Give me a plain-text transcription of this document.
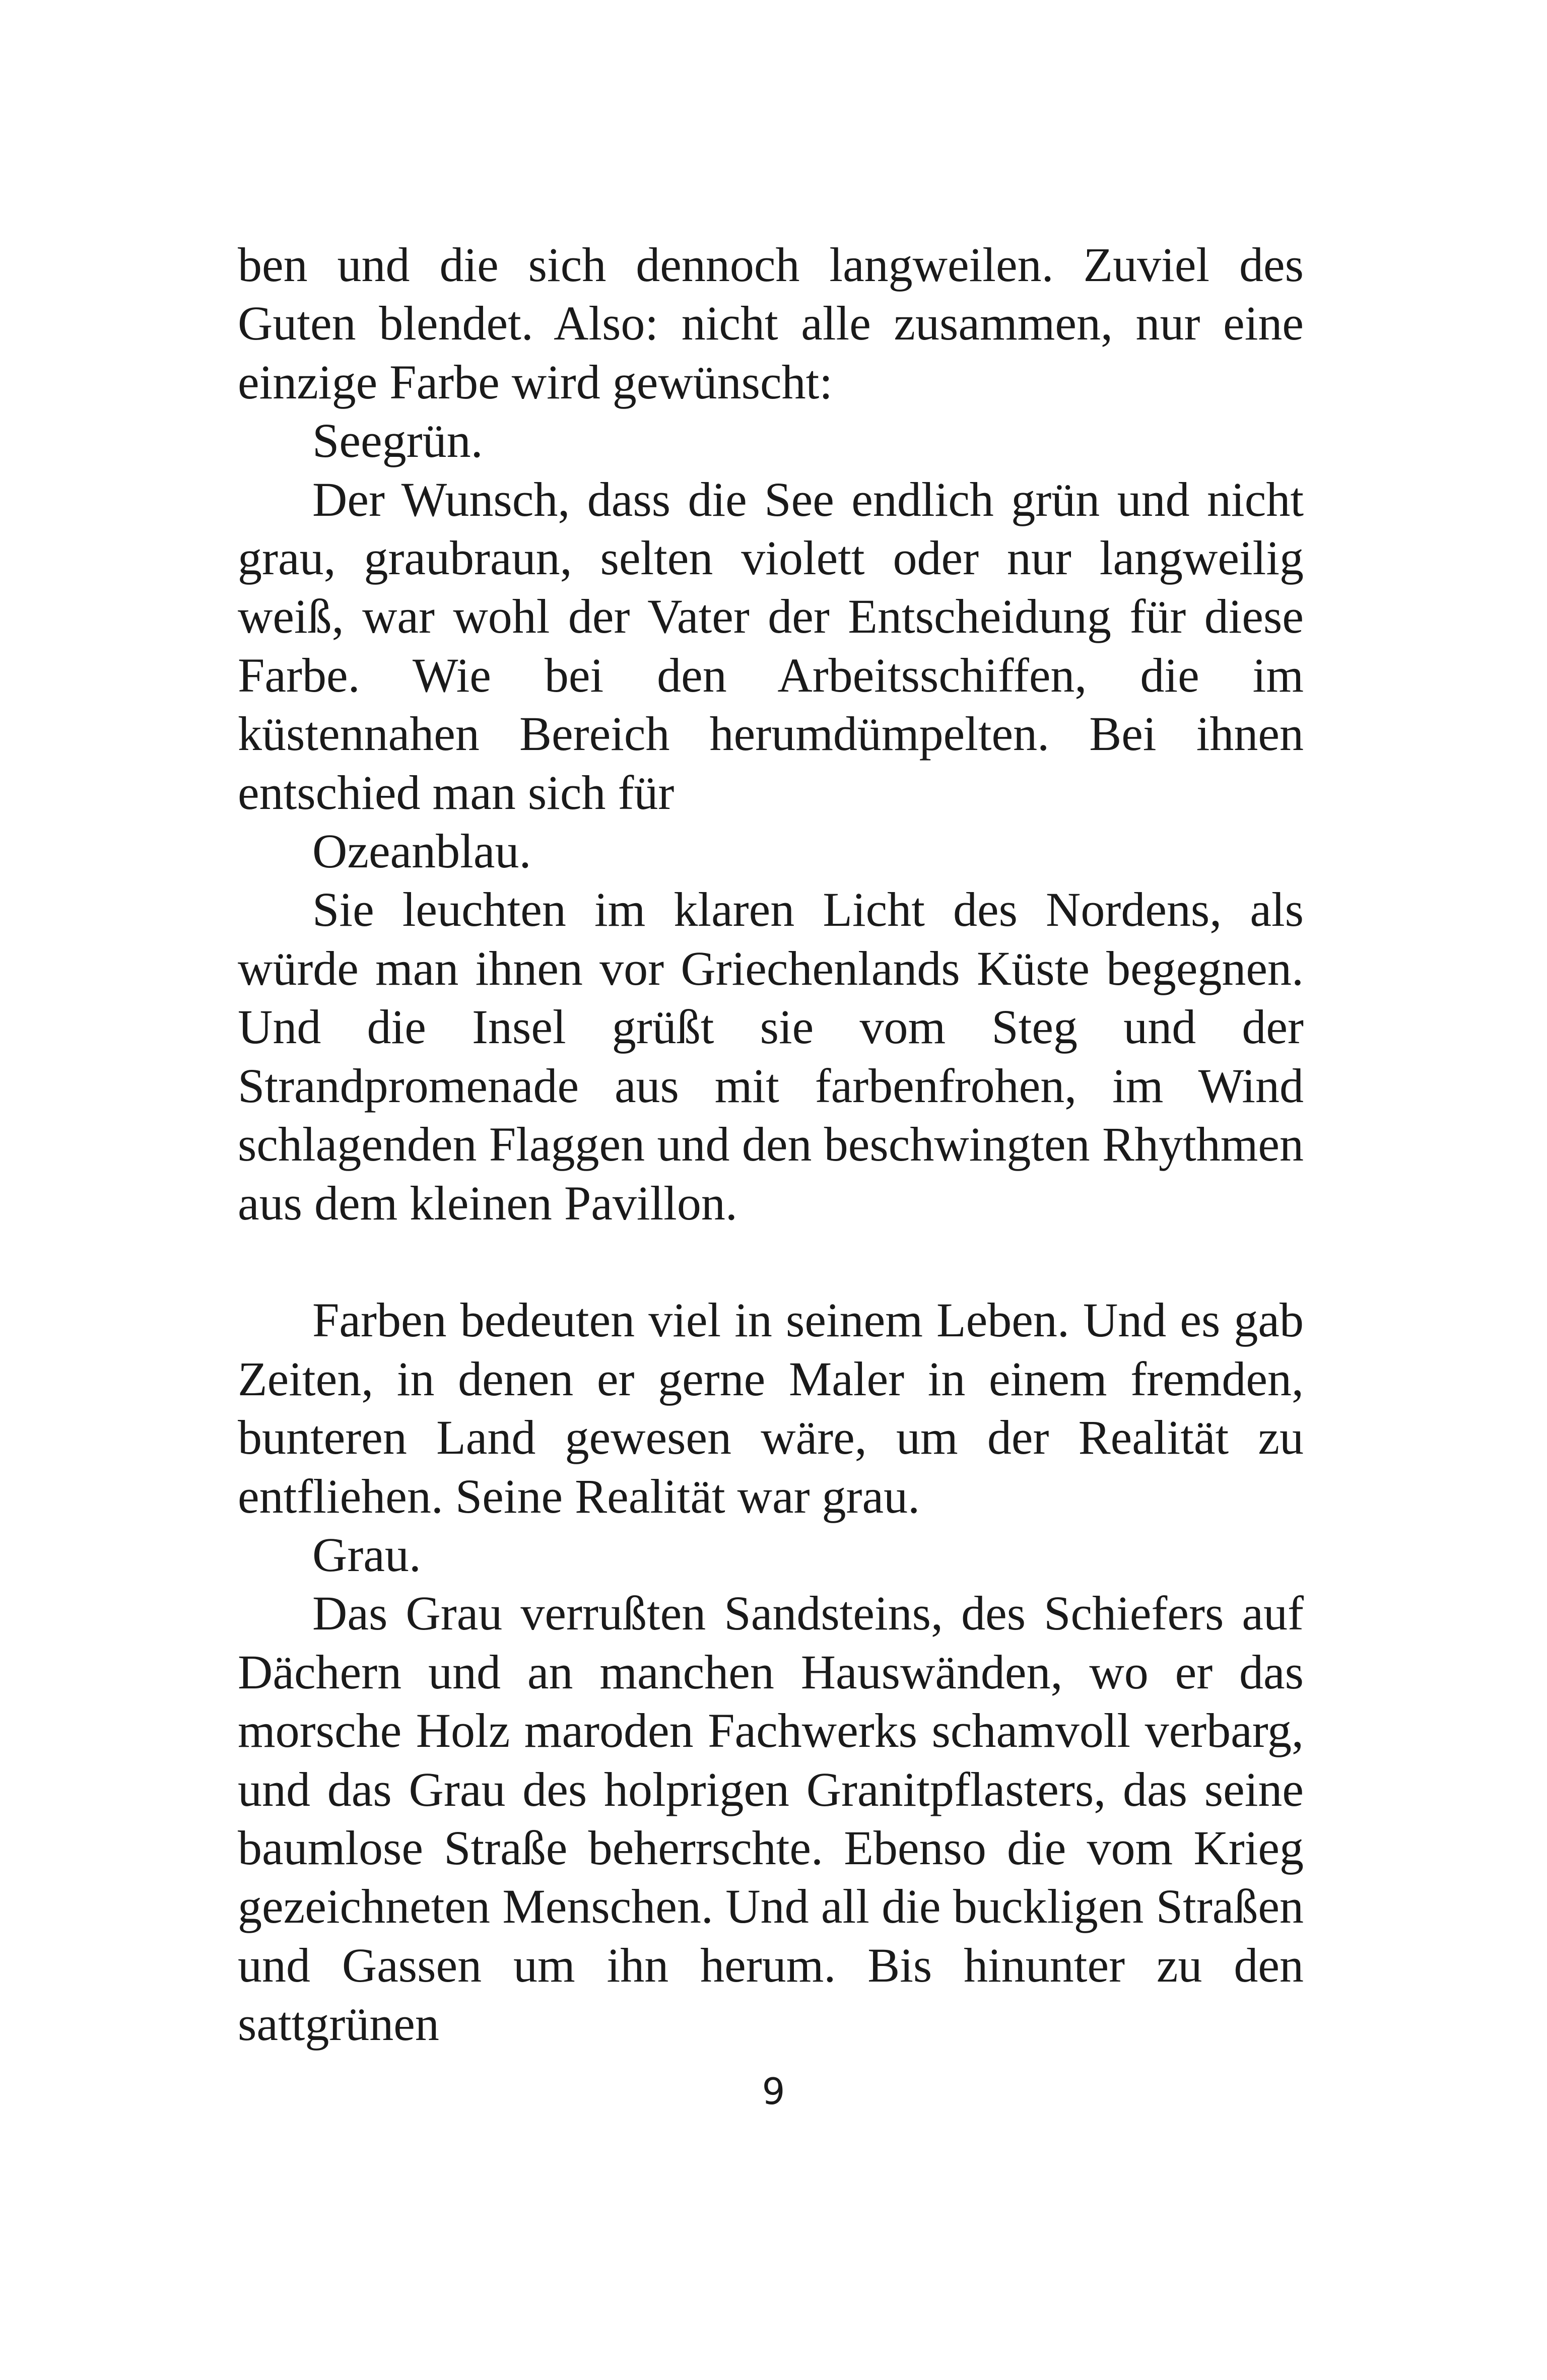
ben und die sich dennoch langweilen. Zuviel des Guten blendet. Also: nicht alle zusammen, nur eine einzige Farbe wird gewünscht:

Seegrün.

Der Wunsch, dass die See endlich grün und nicht grau, graubraun, selten violett oder nur langweilig weiß, war wohl der Vater der Entscheidung für diese Farbe. Wie bei den Arbeitsschiffen, die im küstennahen Bereich herumdümpelten. Bei ihnen entschied man sich für

Ozeanblau.

Sie leuchten im klaren Licht des Nordens, als würde man ihnen vor Griechenlands Küste begegnen. Und die Insel grüßt sie vom Steg und der Strandpromenade aus mit farbenfrohen, im Wind schlagenden Flaggen und den beschwingten Rhythmen aus dem kleinen Pavillon.

Farben bedeuten viel in seinem Leben. Und es gab Zeiten, in denen er gerne Maler in einem fremden, bunteren Land gewesen wäre, um der Realität zu entfliehen. Seine Realität war grau.

Grau.

Das Grau verrußten Sandsteins, des Schiefers auf Dächern und an manchen Hauswänden, wo er das morsche Holz maroden Fachwerks schamvoll verbarg, und das Grau des holprigen Granitpflasters, das seine baumlose Straße beherrschte. Ebenso die vom Krieg gezeichneten Menschen. Und all die buckligen Straßen und Gassen um ihn herum. Bis hinunter zu den sattgrünen

9
